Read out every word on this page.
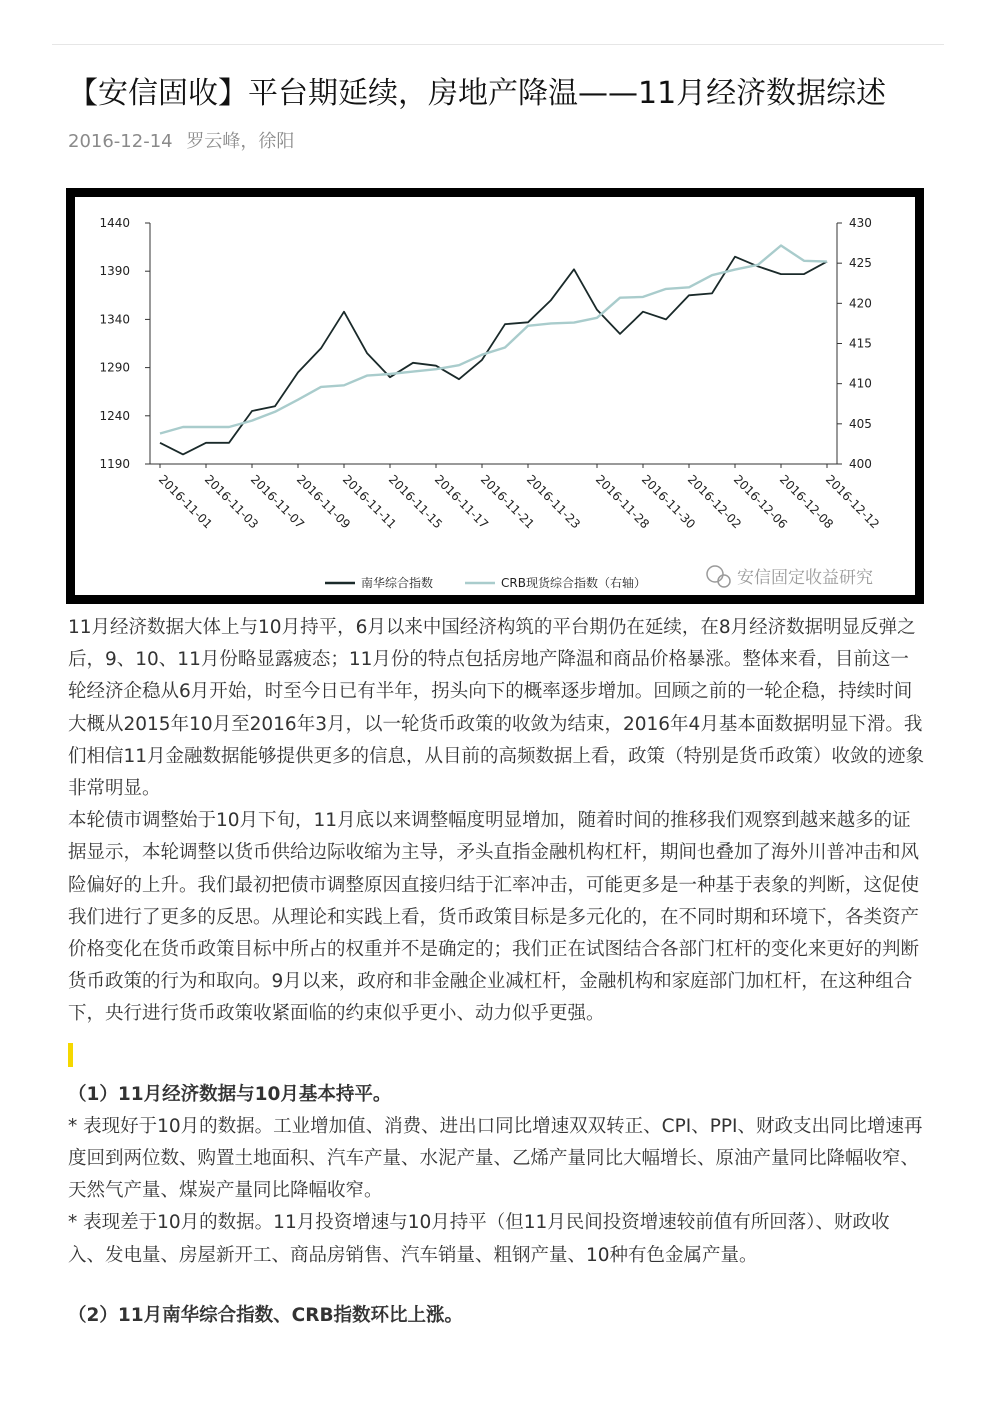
【安信固收】平台期延续，房地产降温——11月经济数据综述
2016-12-14 罗云峰，徐阳
1190
1240
1290
1340
1390
1440
400
405
410
415
420
425
430
2016-11-01
2016-11-03
2016-11-07
2016-11-09
2016-11-11
2016-11-15
2016-11-17
2016-11-21
2016-11-23 2016-11-28
2016-11-30
2016-12-02
2016-12-06
2016-12-08
2016-12-12
南华综合指数	CRB现货综合指数（右轴）	安信固定收益研究

11月经济数据大体上与10月持平，6月以来中国经济构筑的平台期仍在延续，在8月经济数据明显反弹之后，9、10、11月份略显露疲态；11月份的特点包括房地产降温和商品价格暴涨。整体来看，目前这一轮经济企稳从6月开始，时至今日已有半年，拐头向下的概率逐步增加。回顾之前的一轮企稳，持续时间大概从2015年10月至2016年3月，以一轮货币政策的收敛为结束，2016年4月基本面数据明显下滑。我们相信11月金融数据能够提供更多的信息，从目前的高频数据上看，政策（特别是货币政策）收敛的迹象非常明显。

本轮债市调整始于10月下旬，11月底以来调整幅度明显增加，随着时间的推移我们观察到越来越多的证据显示，本轮调整以货币供给边际收缩为主导，矛头直指金融机构杠杆，期间也叠加了海外川普冲击和风险偏好的上升。我们最初把债市调整原因直接归结于汇率冲击，可能更多是一种基于表象的判断，这促使我们进行了更多的反思。从理论和实践上看，货币政策目标是多元化的，在不同时期和环境下，各类资产价格变化在货币政策目标中所占的权重并不是确定的；我们正在试图结合各部门杠杆的变化来更好的判断货币政策的行为和取向。9月以来，政府和非金融企业减杠杆，金融机构和家庭部门加杠杆，在这种组合下，央行进行货币政策收紧面临的约束似乎更小、动力似乎更强。

（1）11月经济数据与10月基本持平。

* 表现好于10月的数据。工业增加值、消费、进出口同比增速双双转正、CPI、PPI、财政支出同比增速再度回到两位数、购置土地面积、汽车产量、水泥产量、乙烯产量同比大幅增长、原油产量同比降幅收窄、天然气产量、煤炭产量同比降幅收窄。

* 表现差于10月的数据。11月投资增速与10月持平（但11月民间投资增速较前值有所回落）、财政收入、发电量、房屋新开工、商品房销售、汽车销量、粗钢产量、10种有色金属产量。

（2）11月南华综合指数、CRB指数环比上涨。
